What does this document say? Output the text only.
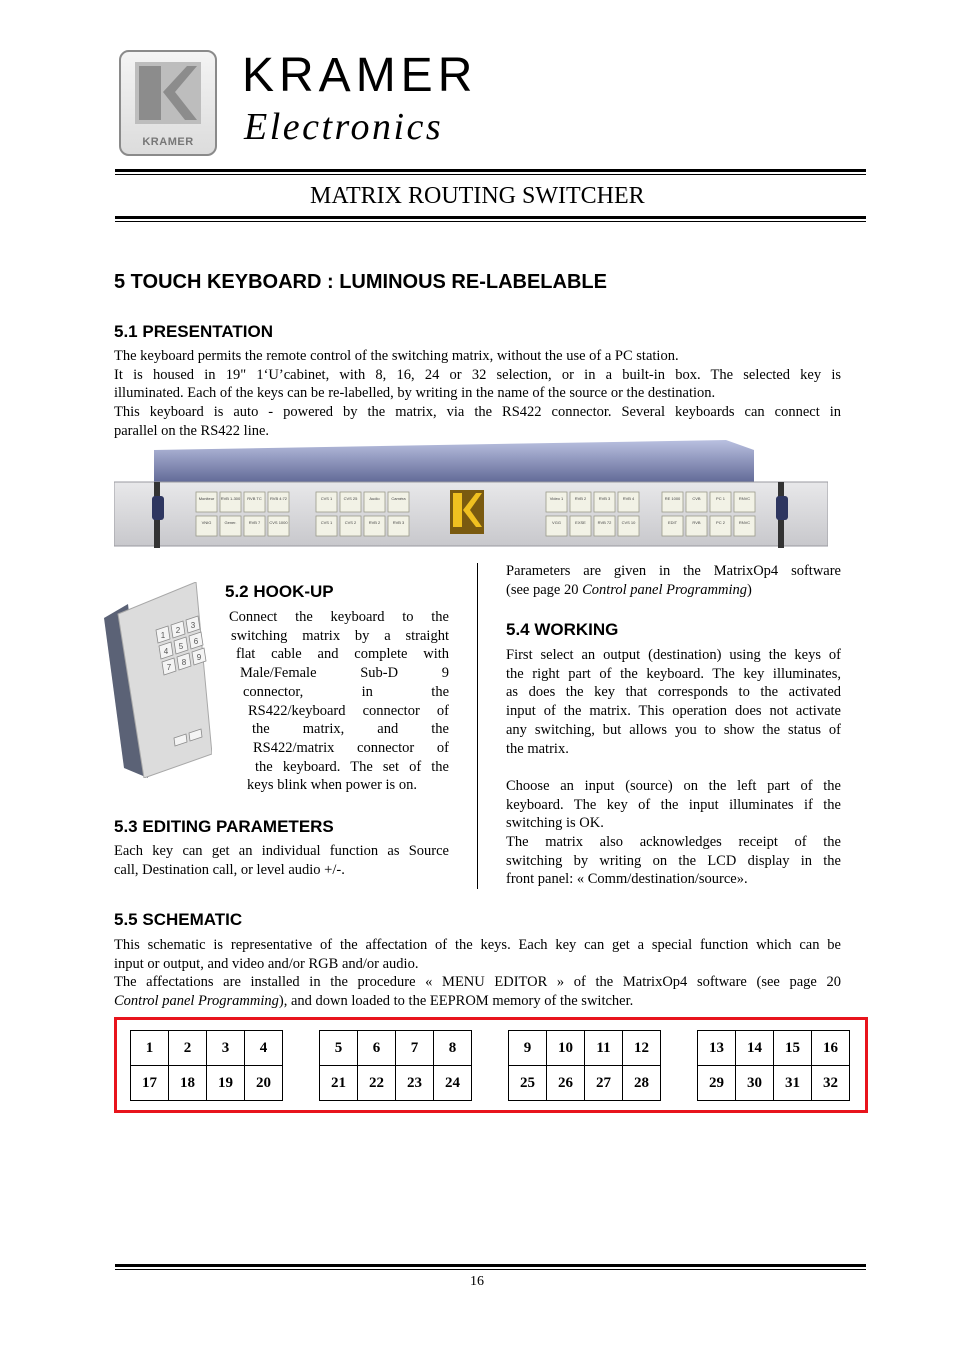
KRAMER
KRAMER
Electronics
MATRIX ROUTING SWITCHER
5 TOUCH KEYBOARD : LUMINOUS RE-LABELABLE
5.1 PRESENTATION
The keyboard permits the remote control of the switching matrix, without the use of a PC station.
It is housed in 19" 1‘U’cabinet, with 8, 16, 24 or 32 selection, or in a built-in box. The selected key is
illuminated. Each of the keys can be re-labelled, by writing in the name of the source or the destination.
This keyboard is auto - powered by the matrix, via the RS422 connector. Several keyboards can connect in
parallel on the RS422 line.
Moniteur RVB 1-300 RVB TC RVB 4:72
VNIG	Gener.	RVB 7 CVS 1000
CVS 1	CVS 25	Audio	Caméra
CVS 1	CVS 2	RVB 2	RVB 3
Video 1	RVB 2	RVB 3	RVB 4
VGG	EXSE	RVB 72	CVS 10
RE 1000	CVB	PC 1	RNVC
EDIT	RVB	PC 2	RNVC
1
2
3
4
5
6
7
8
9
5.2 HOOK-UP
Connect the keyboard to the
switching matrix by a straight
flat cable and complete with
Male/Female Sub-D 9
connector, in the
RS422/keyboard connector of
the matrix, and the
RS422/matrix connector of
the keyboard. The set of the
keys blink when power is on.
5.3 EDITING PARAMETERS
Each key can get an individual function as Source
call, Destination call, or level audio +/-.
Parameters are given in the MatrixOp4 software
(see page 20 Control panel Programming)
5.4 WORKING
First select an output (destination) using the keys of
the right part of the keyboard. The key illuminates,
as does the key that corresponds to the activated
input of the matrix. This operation does not activate
any switching, but allows you to show the status of
the matrix.
Choose an input (source) on the left part of the
keyboard. The key of the input illuminates if the
switching is OK.
The matrix also acknowledges receipt of the
switching by writing on the LCD display in the
front panel: « Comm/destination/source».
5.5 SCHEMATIC
This schematic is representative of the affectation of the keys. Each key can get a special function which can be
input or output, and video and/or RGB and/or audio.
The affectations are installed in the procedure « MENU EDITOR » of the MatrixOp4 software (see page 20
Control panel Programming), and down loaded to the EEPROM memory of the switcher.
1	2	3	4		5	6	7	8		9	10	11	12		13	14	15	16
17	18	19	20		21	22	23	24		25	26	27	28		29	30	31	32
16
